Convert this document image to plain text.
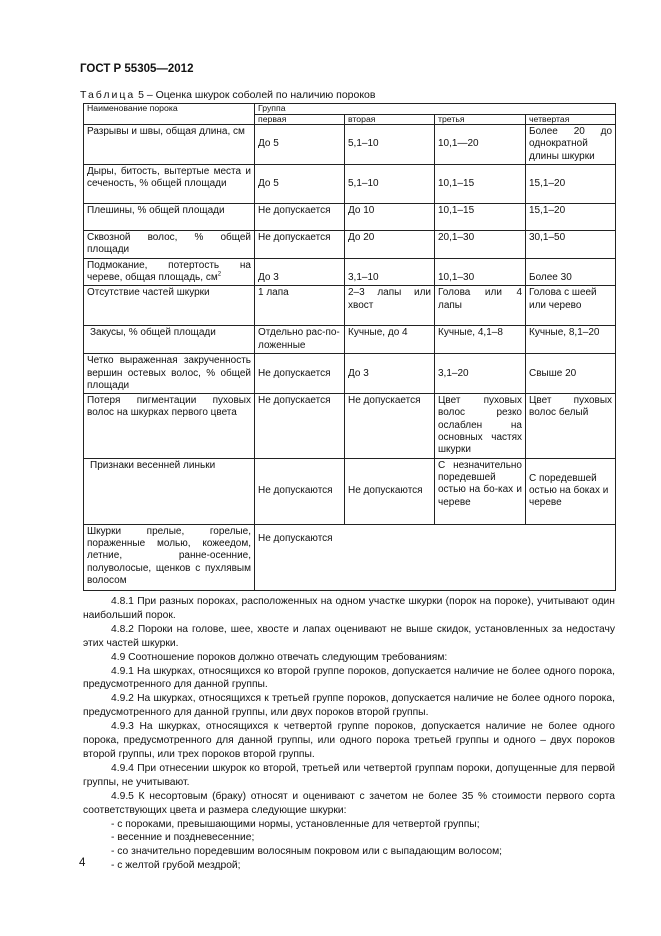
ГОСТ Р 55305—2012
Таблица 5 – Оценка шкурок соболей по наличию пороков
Наименование порока	Группа			
	первая	вторая	третья	четвертая
Разрывы и швы, общая длина, см	До 5	5,1–10	10,1—20	Более 20 до однократной длины шкурки
Дыры, битость, вытертые места и сеченость, % общей площади	До 5	5,1–10	10,1–15	15,1–20
Плешины, % общей площади	Не допускается	До 10	10,1–15	15,1–20
Сквозной волос, % общей площади	Не допускается	До 20	20,1–30	30,1–50
Подмокание, потертость на череве, общая площадь, $см^2$	До 3	3,1–10	10,1–30	Более 30
Отсутствие частей шкурки	1 лапа	2–3 лапы или хвост	Голова или 4 лапы	Голова с шеей или черево
Закусы, % общей площади	Отдельно рас-по-ложенные	Кучные, до 4	Кучные, 4,1–8	Кучные, 8,1–20
Четко выраженная закрученность вершин остевых волос, % общей площади	Не допускается	До 3	3,1–20	Свыше 20
Потеря пигментации пуховых волос на шкурках первого цвета	Не допускается	Не допускается	Цвет пуховых волос резко ослаблен на основных частях шкурки	Цвет пуховых волос белый
Признаки весенней линьки	Не допускаются	Не допускаются	С незначительно поредевшей остью на бо-ках и череве	С поредевшей остью на боках и череве
Шкурки прелые, горелые, пораженные молью, кожеедом, летние, ранне-осенние, полуволосые, щенков с пухлявым волосом	Не допускаются			

4.8.1 При разных пороках, расположенных на одном участке шкурки (порок на пороке), учитывают один наибольший порок.

4.8.2 Пороки на голове, шее, хвосте и лапах оценивают не выше скидок, установленных за недостачу этих частей шкурки.

4.9 Соотношение пороков должно отвечать следующим требованиям:

4.9.1 На шкурках, относящихся ко второй группе пороков, допускается наличие не более одного порока, предусмотренного для данной группы.

4.9.2 На шкурках, относящихся к третьей группе пороков, допускается наличие не более одного порока, предусмотренного для данной группы, или двух пороков второй группы.

4.9.3 На шкурках, относящихся к четвертой группе пороков, допускается наличие не более одного порока, предусмотренного для данной группы, или одного порока третьей группы и одного – двух пороков второй группы, или трех пороков второй группы.

4.9.4 При отнесении шкурок ко второй, третьей или четвертой группам пороки, допущенные для первой группы, не учитывают.

4.9.5 К несортовым (браку) относят и оценивают с зачетом не более 35 % стоимости первого сорта соответствующих цвета и размера следующие шкурки:

- с пороками, превышающими нормы, установленные для четвертой группы;

- весенние и поздневесенние;

- со значительно поредевшим волосяным покровом или с выпадающим волосом;

- с желтой грубой мездрой;

4
